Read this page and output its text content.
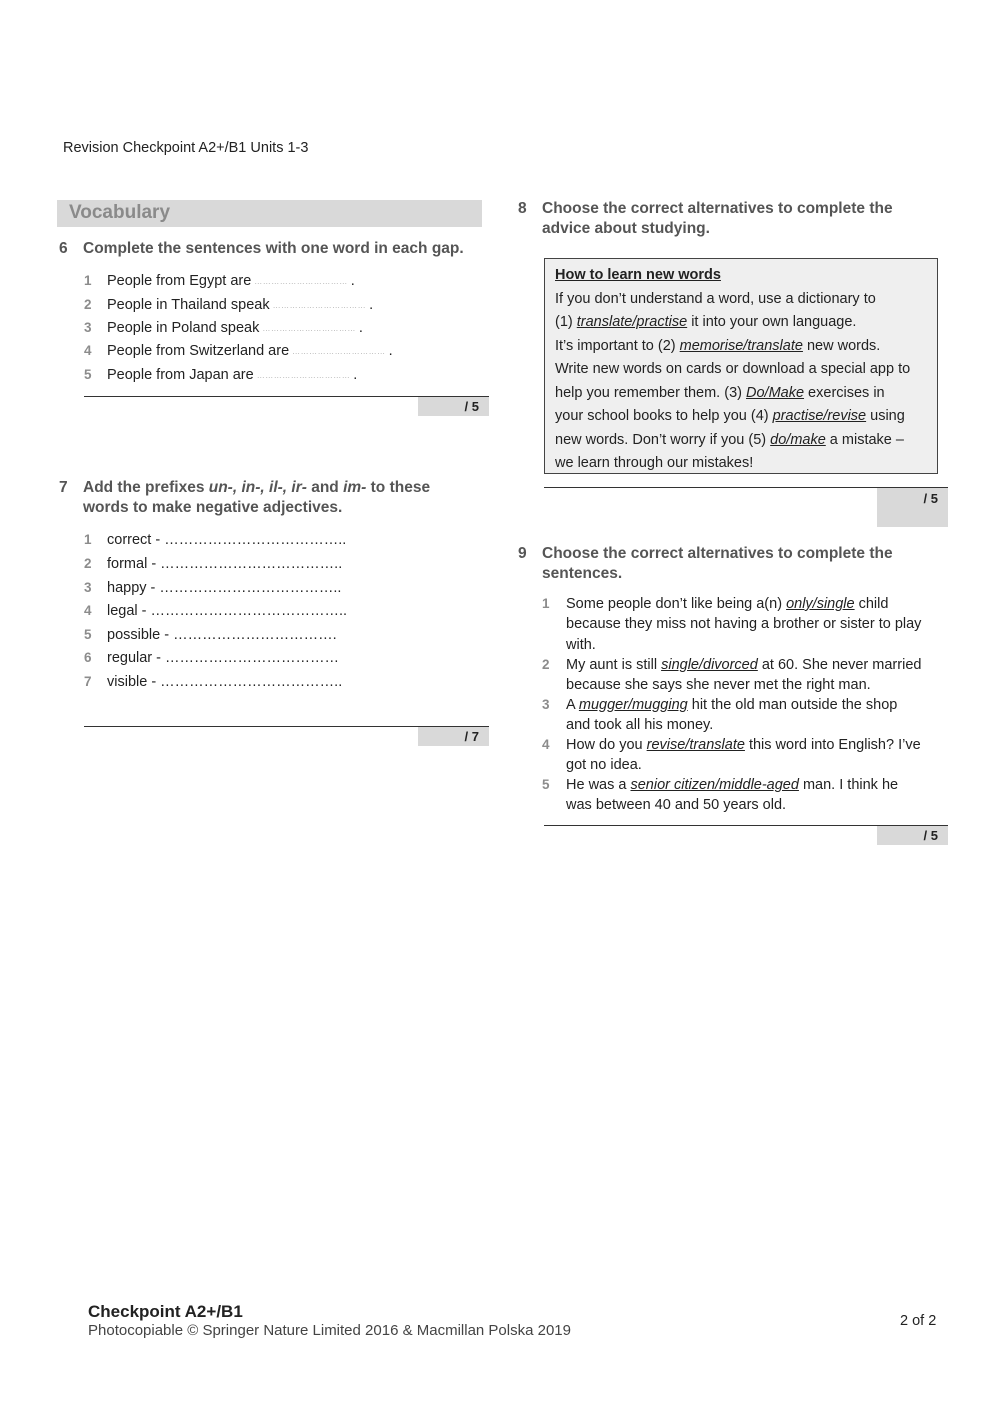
Revision Checkpoint A2+/B1 Units 1-3
Vocabulary
6 Complete the sentences with one word in each gap.
1 People from Egypt are …………………………… .
2 People in Thailand speak …………………………… .
3 People in Poland speak …………………………… .
4 People from Switzerland are …………………………… .
5 People from Japan are …………………………… .
/ 5
7 Add the prefixes un-, in-, il-, ir- and im- to these
words to make negative adjectives.
1 correct - ………………………………..
2 formal - ………………………………..
3 happy - ………………………………..
4 legal - …………………………………..
5 possible - …………………………….
6 regular - ………………………………
7 visible - ………………………………..
/ 7
8 Choose the correct alternatives to complete the
advice about studying.
How to learn new words
If you don’t understand a word, use a dictionary to
(1) translate/practise it into your own language.
It’s important to (2) memorise/translate new words.
Write new words on cards or download a special app to
help you remember them. (3) Do/Make exercises in
your school books to help you (4) practise/revise using
new words. Don’t worry if you (5) do/make a mistake –
we learn through our mistakes!
/ 5
9 Choose the correct alternatives to complete the
sentences.
1 Some people don’t like being a(n) only/single child
because they miss not having a brother or sister to play
with.
2 My aunt is still single/divorced at 60. She never married
because she says she never met the right man.
3 A mugger/mugging hit the old man outside the shop
and took all his money.
4 How do you revise/translate this word into English? I’ve
got no idea.
5 He was a senior citizen/middle-aged man. I think he
was between 40 and 50 years old.
/ 5
Checkpoint A2+/B1
Photocopiable © Springer Nature Limited 2016 & Macmillan Polska 2019
2 of 2
